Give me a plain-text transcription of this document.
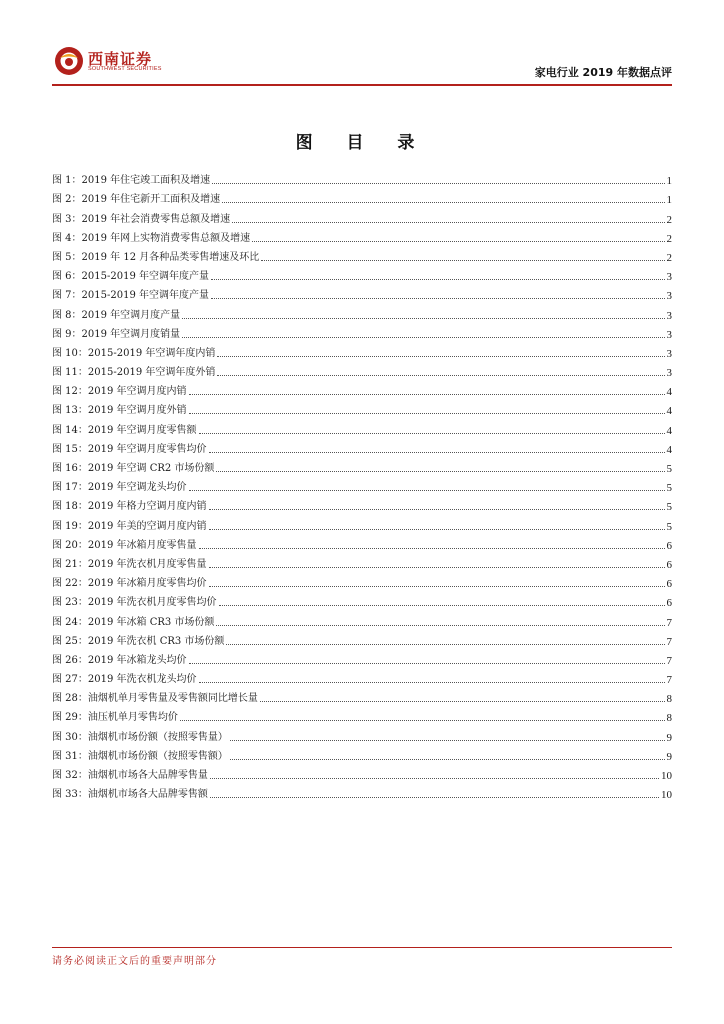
西南证券
SOUTHWEST SECURITIES	家电行业 2019 年数据点评
图 目 录
图 1：2019 年住宅竣工面积及增速	1
图 2：2019 年住宅新开工面积及增速	1
图 3：2019 年社会消费零售总额及增速	2
图 4：2019 年网上实物消费零售总额及增速	2
图 5：2019 年 12 月各种品类零售增速及环比	2
图 6：2015-2019 年空调年度产量	3
图 7：2015-2019 年空调年度产量	3
图 8：2019 年空调月度产量	3
图 9：2019 年空调月度销量	3
图 10：2015-2019 年空调年度内销	3
图 11：2015-2019 年空调年度外销	3
图 12：2019 年空调月度内销	4
图 13：2019 年空调月度外销	4
图 14：2019 年空调月度零售额	4
图 15：2019 年空调月度零售均价	4
图 16：2019 年空调 CR2 市场份额	5
图 17：2019 年空调龙头均价	5
图 18：2019 年格力空调月度内销	5
图 19：2019 年美的空调月度内销	5
图 20：2019 年冰箱月度零售量	6
图 21：2019 年洗衣机月度零售量	6
图 22：2019 年冰箱月度零售均价	6
图 23：2019 年洗衣机月度零售均价	6
图 24：2019 年冰箱 CR3 市场份额	7
图 25：2019 年洗衣机 CR3 市场份额	7
图 26：2019 年冰箱龙头均价	7
图 27：2019 年洗衣机龙头均价	7
图 28：油烟机单月零售量及零售额同比增长量	8
图 29：油压机单月零售均价	8
图 30：油烟机市场份额（按照零售量）	9
图 31：油烟机市场份额（按照零售额）	9
图 32：油烟机市场各大品牌零售量	10
图 33：油烟机市场各大品牌零售额	10
请务必阅读正文后的重要声明部分
